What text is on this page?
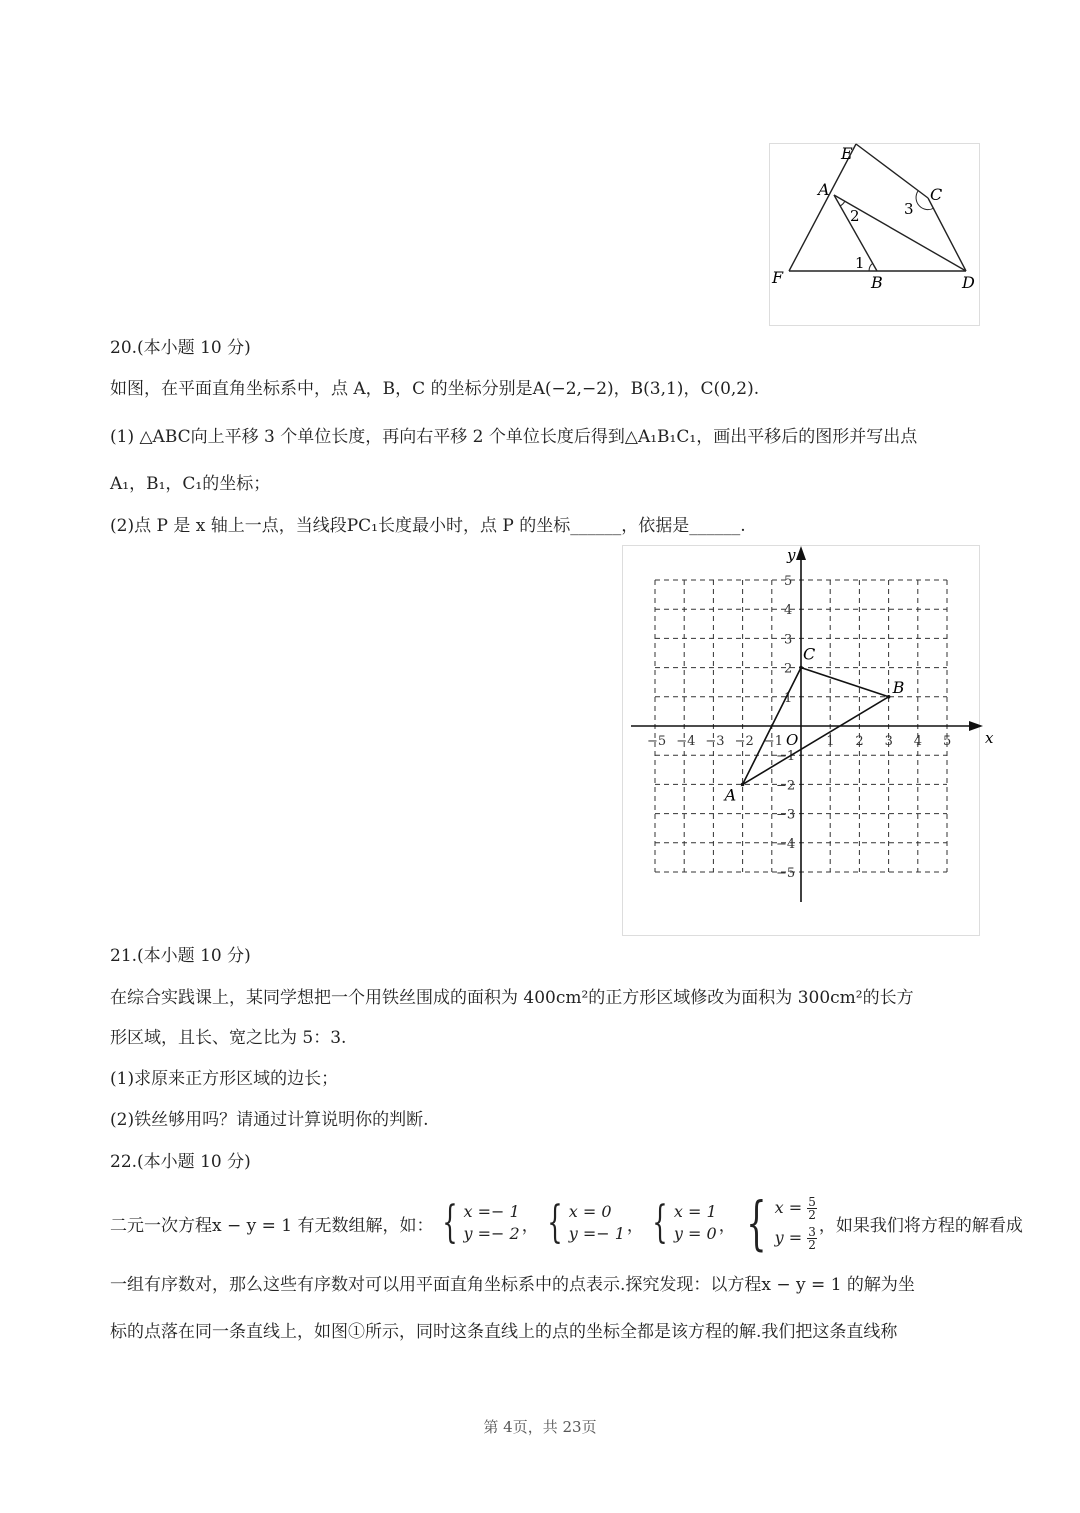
E
A	C
F	B	D
2
1
3
20.(本小题 10 分)
如图，在平面直角坐标系中，点 A，B，C 的坐标分别是A(−2,−2)，B(3,1)，C(0,2).
(1) △ABC向上平移 3 个单位长度，再向右平移 2 个单位长度后得到△A₁B₁C₁，画出平移后的图形并写出点
A₁，B₁，C₁的坐标；
(2)点 P 是 x 轴上一点，当线段PC₁长度最小时，点 P 的坐标______，依据是______.
x
y
O
−5 −4 −3 −2 −1	1 2 3 4 5
−5
−4
−3
−2
−1
1
2
3
4
5
A
B
C
21.(本小题 10 分)
在综合实践课上，某同学想把一个用铁丝围成的面积为 400cm²的正方形区域修改为面积为 300cm²的长方
形区域，且长、宽之比为 5：3.
(1)求原来正方形区域的边长；
(2)铁丝够用吗？请通过计算说明你的判断.
22.(本小题 10 分)
二元一次方程x − y = 1 有无数组解，如： { x =− 1
y =− 2 ， { x = 0
y =− 1 ， { x = 1
y = 0 ， { $x = \frac{5}{2}$

$y = \frac{3}{2}$
， 如果我们将方程的解看成
一组有序数对，那么这些有序数对可以用平面直角坐标系中的点表示.探究发现：以方程x − y = 1 的解为坐
标的点落在同一条直线上，如图①所示，同时这条直线上的点的坐标全都是该方程的解.我们把这条直线称
第 4页，共 23页
